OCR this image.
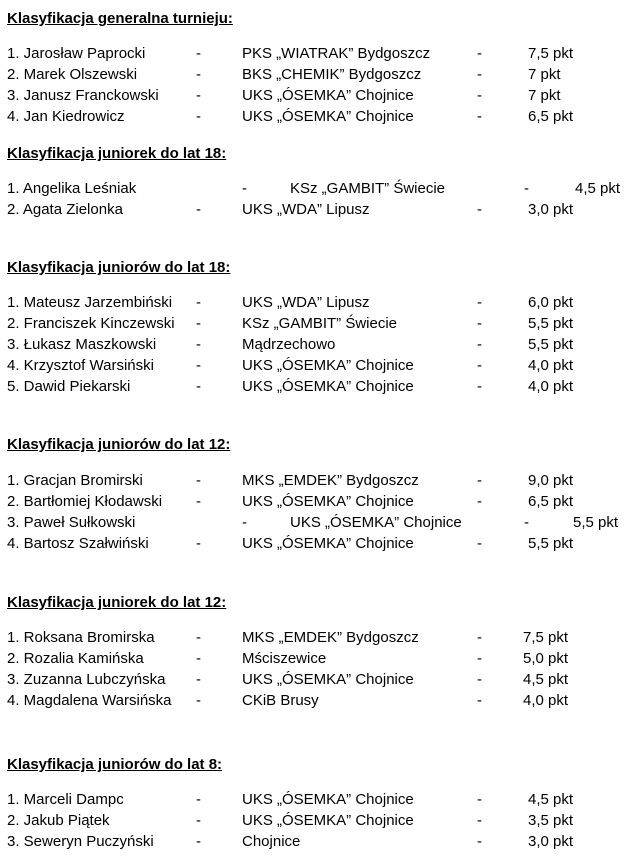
Klasyfikacja generalna turnieju:
1. Jarosław Paprocki	-	PKS „WIATRAK” Bydgoszcz	-	7,5 pkt
2. Marek Olszewski	-	BKS „CHEMIK” Bydgoszcz	-	7 pkt
3. Janusz Franckowski -	UKS „ÓSEMKA” Chojnice	-	7 pkt
4. Jan Kiedrowicz	-	UKS „ÓSEMKA” Chojnice	-	6,5 pkt
Klasyfikacja juniorek do lat 18:
1. Angelika Leśniak	-	KSz „GAMBIT” Świecie	-	4,5 pkt
2. Agata Zielonka	-	UKS „WDA” Lipusz	-	3,0 pkt
Klasyfikacja juniorów do lat 18:
1. Mateusz Jarzembiński -	UKS „WDA” Lipusz	-	6,0 pkt
2. Franciszek Kinczewski -	KSz „GAMBIT” Świecie	-	5,5 pkt
3. Łukasz Maszkowski	-	Mądrzechowo	-	5,5 pkt
4. Krzysztof Warsiński	-	UKS „ÓSEMKA” Chojnice	-	4,0 pkt
5. Dawid Piekarski	-	UKS „ÓSEMKA” Chojnice	-	4,0 pkt
Klasyfikacja juniorów do lat 12:
1. Gracjan Bromirski	-	MKS „EMDEK” Bydgoszcz	-	9,0 pkt
2. Bartłomiej Kłodawski -	UKS „ÓSEMKA” Chojnice	-	6,5 pkt
3. Paweł Sułkowski	-	UKS „ÓSEMKA” Chojnice	-	5,5 pkt
4. Bartosz Szałwiński	-	UKS „ÓSEMKA” Chojnice	-	5,5 pkt
Klasyfikacja juniorek do lat 12:
1. Roksana Bromirska	-	MKS „EMDEK” Bydgoszcz	-	7,5 pkt
2. Rozalia Kamińska	-	Mściszewice	-	5,0 pkt
3. Zuzanna Lubczyńska -	UKS „ÓSEMKA” Chojnice	-	4,5 pkt
4. Magdalena Warsińska -	CKiB Brusy	-	4,0 pkt
Klasyfikacja juniorów do lat 8:
1. Marceli Dampc	-	UKS „ÓSEMKA” Chojnice	-	4,5 pkt
2. Jakub Piątek	-	UKS „ÓSEMKA” Chojnice	-	3,5 pkt
3. Seweryn Puczyński	-	Chojnice	-	3,0 pkt
